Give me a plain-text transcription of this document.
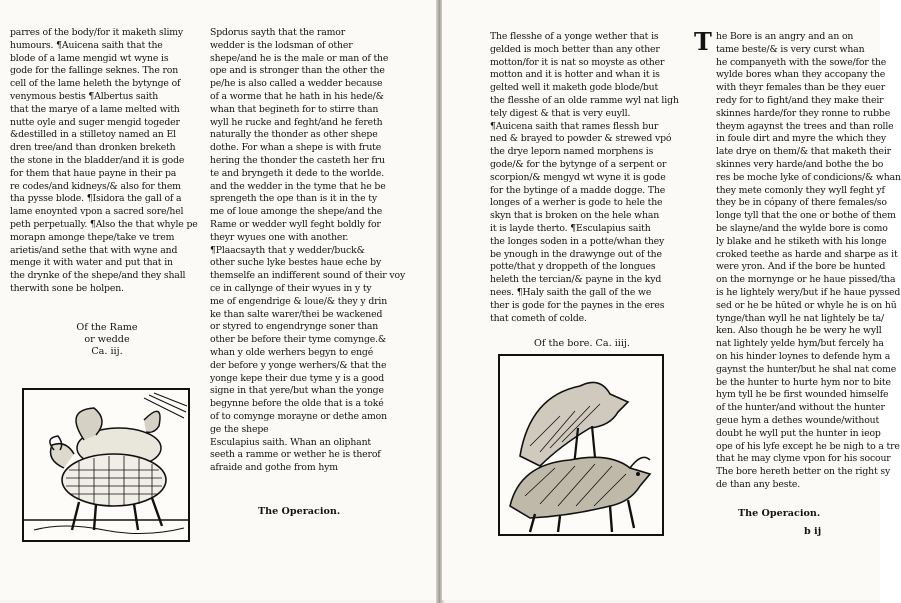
parres of the body/for it maketh slimy
humours. ¶Auicena saith that the
blode of a lame mengid wt wyne is
gode for the fallinge seknes. The ron
cell of the lame heleth the bytynge of
venymous bestis ¶Albertus saith
that the marye of a lame melted with
nutte oyle and suger mengid togeder
&destilled in a stilletoy named an El
dren tree/and than dronken breketh
the stone in the bladder/and it is gode
for them that haue payne in their pa
re codes/and kidneys/& also for them
tha pysse blode. ¶Isidora the gall of a
lame enoynted vpon a sacred sore/hel
peth perpetually. ¶Also the that whyle pe
morapn amonge thepe/take ve trem
arietis/and sethe that with wyne and
menge it with water and put that in
the drynke of the shepe/and they shall
therwith sone be holpen.
Spdorus sayth that the ramor
wedder is the lodsman of other
shepe/and he is the male or man of the
ope and is stronger than the other the
pe/he is also called a wedder because
of a worme that he hath in his hede/&
whan that begineth for to stirre than
wyll he rucke and feght/and he fereth
naturally the thonder as other shepe
dothe. For whan a shepe is with frute
hering the thonder the casteth her fru
te and bryngeth it dede to the worlde.
and the wedder in the tyme that he be
sprengeth the ope than is it in the ty
me of loue amonge the shepe/and the
Rame or wedder wyll feght boldly for
theyr wyues one with another.
¶Plaacsayth that y wedder/buck&
other suche lyke bestes haue eche by
themselfe an indifferent sound of their voy
ce in callynge of their wyues in y ty
me of engendrige & loue/& they y drin
ke than salte warer/thei be wackened
or styred to engendrynge soner than
other be before their tyme comynge.&
whan y olde werhers begyn to engé
der before y yonge werhers/& that the
yonge kepe their due tyme y is a good
signe in that yere/but whan the yonge
begynne before the olde that is a toké
of to comynge morayne or dethe amon
ge the shepe
Esculapius saith. Whan an oliphant
seeth a ramme or wether he is therof
afraide and gothe from hym
Of the Rame
or wedde
Ca. iij.
The Operacion.
The flesshe of a yonge wether that is
gelded is moch better than any other
motton/for it is nat so moyste as other
motton and it is hotter and whan it is
gelted well it maketh gode blode/but
the flesshe of an olde ramme wyl nat ligh
tely digest & that is very euyll.
¶Auicena saith that rames flessh bur
ned & brayed to powder & strewed vpó
the drye leporn named morphens is
gode/& for the bytynge of a serpent or
scorpion/& mengyd wt wyne it is gode
for the bytinge of a madde dogge. The
longes of a werher is gode to hele the
skyn that is broken on the hele whan
it is layde therto. ¶Esculapius saith
the longes soden in a potte/whan they
be ynough in the drawynge out of the
potte/that y droppeth of the longues
heleth the tercian/& payne in the kyd
nees. ¶Haly saith the gall of the we
ther is gode for the paynes in the eres
that cometh of colde.
T he Bore is an angry and an on
tame beste/& is very curst whan
he companyeth with the sowe/for the
wylde bores whan they accopany the
with theyr females than be they euer
redy for to fight/and they make their
skinnes harde/for they ronne to rubbe
theym agaynst the trees and than rolle
in foule dirt and myre the which they
late drye on them/& that maketh their
skinnes very harde/and bothe the bo
res be moche lyke of condicions/& whan
they mete comonly they wyll feght yf
they be in cópany of there females/so
longe tyll that the one or bothe of them
be slayne/and the wylde bore is como
ly blake and he stiketh with his longe
croked teethe as harde and sharpe as it
were yron. And if the bore be hunted
on the mornynge or he haue pissed/tha
is he lightely wery/but if he haue pyssed
sed or he be hūted or whyle he is on hū
tynge/than wyll he nat lightely be ta/
ken. Also though he be wery he wyll
nat lightely yelde hym/but fercely ha
on his hinder loynes to defende hym a
gaynst the hunter/but he shal nat come
be the hunter to hurte hym nor to bite
hym tyll he be first wounded himselfe
of the hunter/and without the hunter
geue hym a dethes wounde/without
doubt he wyll put the hunter in ieop
ope of his lyfe except he be nigh to a tre
that he may clyme vpon for his socour
The bore hereth better on the right sy
de than any beste.
Of the bore. Ca. iiij.
The Operacion.
b ij
